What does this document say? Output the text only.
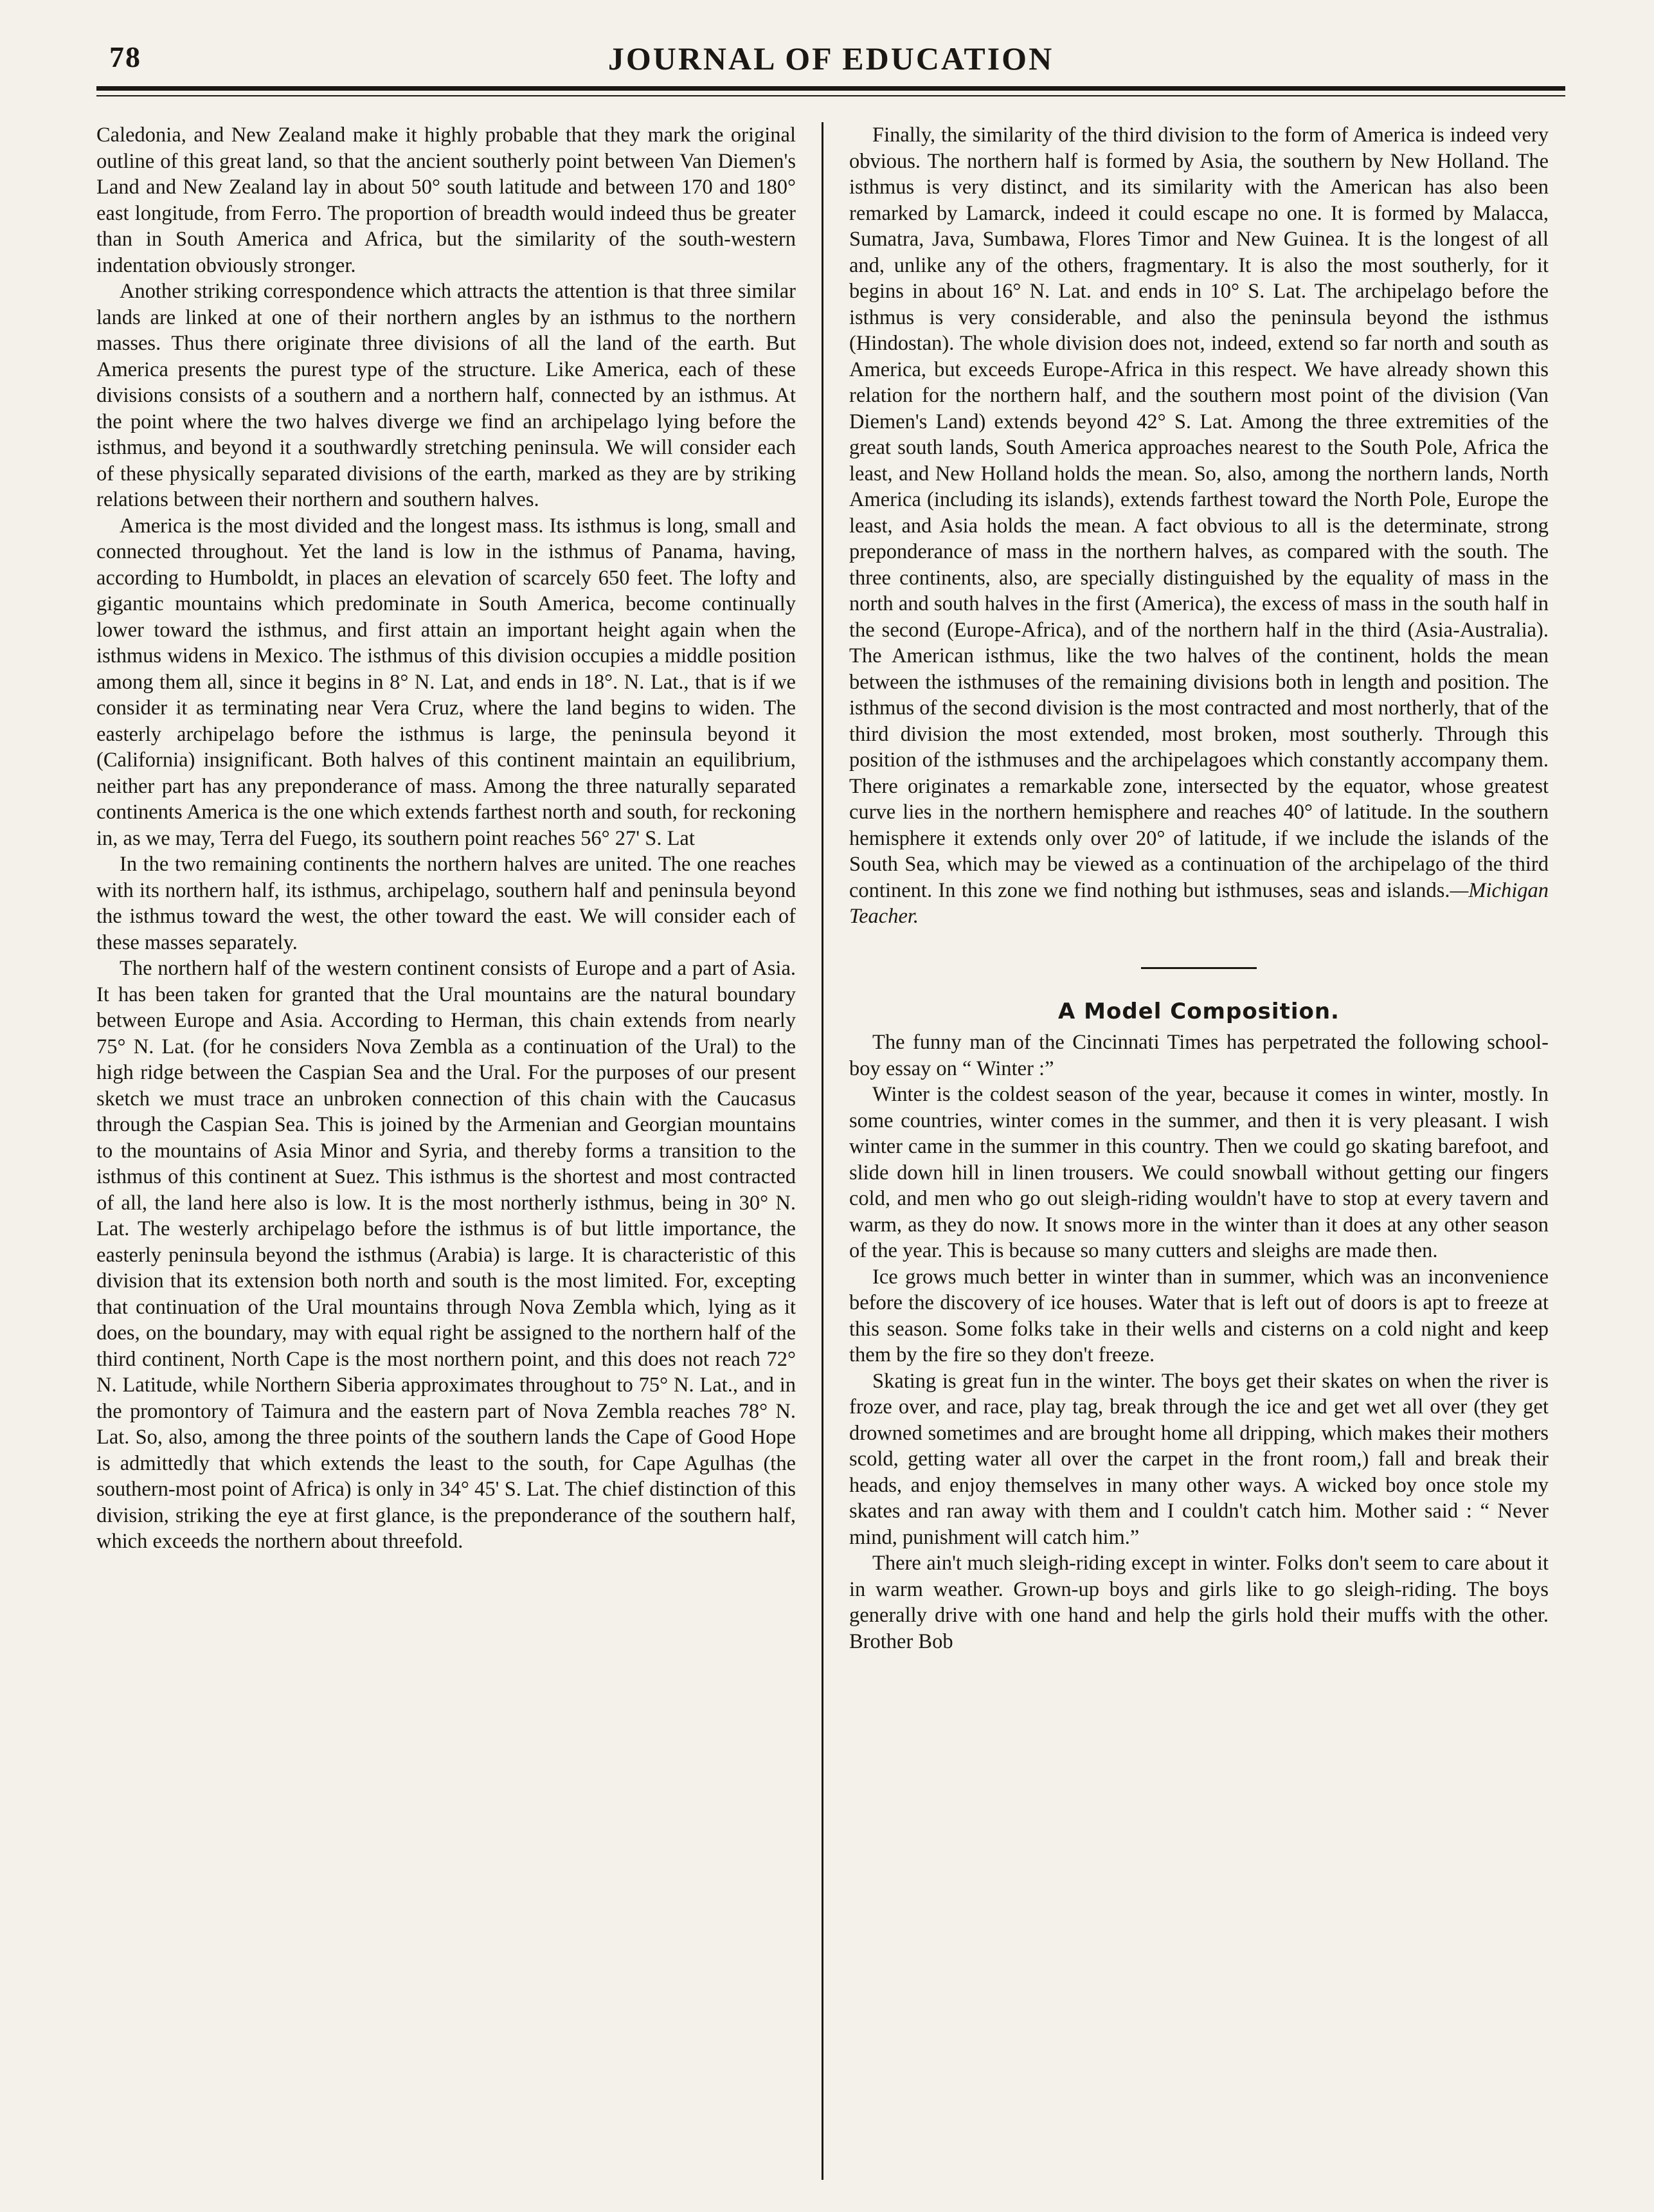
78	JOURNAL OF EDUCATION

Caledonia, and New Zealand make it highly probable that they mark the original outline of this great land, so that the ancient southerly point between Van Diemen's Land and New Zealand lay in about 50° south latitude and between 170 and 180° east longitude, from Ferro. The proportion of breadth would indeed thus be greater than in South America and Africa, but the similarity of the south-western indentation obviously stronger.

Another striking correspondence which attracts the attention is that three similar lands are linked at one of their northern angles by an isthmus to the northern masses. Thus there originate three divisions of all the land of the earth. But America presents the purest type of the structure. Like America, each of these divisions consists of a southern and a northern half, connected by an isthmus. At the point where the two halves diverge we find an archipelago lying before the isthmus, and beyond it a southwardly stretching peninsula. We will consider each of these physically separated divisions of the earth, marked as they are by striking relations between their northern and southern halves.

America is the most divided and the longest mass. Its isthmus is long, small and connected throughout. Yet the land is low in the isthmus of Panama, having, according to Humboldt, in places an elevation of scarcely 650 feet. The lofty and gigantic mountains which predominate in South America, become continually lower toward the isthmus, and first attain an important height again when the isthmus widens in Mexico. The isthmus of this division occupies a middle position among them all, since it begins in 8° N. Lat, and ends in 18°. N. Lat., that is if we consider it as terminating near Vera Cruz, where the land begins to widen. The easterly archipelago before the isthmus is large, the peninsula beyond it (California) insignificant. Both halves of this continent maintain an equilibrium, neither part has any preponderance of mass. Among the three naturally separated continents America is the one which extends farthest north and south, for reckoning in, as we may, Terra del Fuego, its southern point reaches 56° 27' S. Lat

In the two remaining continents the northern halves are united. The one reaches with its northern half, its isthmus, archipelago, southern half and peninsula beyond the isthmus toward the west, the other toward the east. We will consider each of these masses separately.

The northern half of the western continent consists of Europe and a part of Asia. It has been taken for granted that the Ural mountains are the natural boundary between Europe and Asia. According to Herman, this chain extends from nearly 75° N. Lat. (for he considers Nova Zembla as a continuation of the Ural) to the high ridge between the Caspian Sea and the Ural. For the purposes of our present sketch we must trace an unbroken connection of this chain with the Caucasus through the Caspian Sea. This is joined by the Armenian and Georgian mountains to the mountains of Asia Minor and Syria, and thereby forms a transition to the isthmus of this continent at Suez. This isthmus is the shortest and most contracted of all, the land here also is low. It is the most northerly isthmus, being in 30° N. Lat. The westerly archipelago before the isthmus is of but little importance, the easterly peninsula beyond the isthmus (Arabia) is large. It is characteristic of this division that its extension both north and south is the most limited. For, excepting that continuation of the Ural mountains through Nova Zembla which, lying as it does, on the boundary, may with equal right be assigned to the northern half of the third continent, North Cape is the most northern point, and this does not reach 72° N. Latitude, while Northern Siberia approximates throughout to 75° N. Lat., and in the promontory of Taimura and the eastern part of Nova Zembla reaches 78° N. Lat. So, also, among the three points of the southern lands the Cape of Good Hope is admittedly that which extends the least to the south, for Cape Agulhas (the southern-most point of Africa) is only in 34° 45' S. Lat. The chief distinction of this division, striking the eye at first glance, is the preponderance of the southern half, which exceeds the northern about threefold.

Finally, the similarity of the third division to the form of America is indeed very obvious. The northern half is formed by Asia, the southern by New Holland. The isthmus is very distinct, and its similarity with the American has also been remarked by Lamarck, indeed it could escape no one. It is formed by Malacca, Sumatra, Java, Sumbawa, Flores Timor and New Guinea. It is the longest of all and, unlike any of the others, fragmentary. It is also the most southerly, for it begins in about 16° N. Lat. and ends in 10° S. Lat. The archipelago before the isthmus is very considerable, and also the peninsula beyond the isthmus (Hindostan). The whole division does not, indeed, extend so far north and south as America, but exceeds Europe-Africa in this respect. We have already shown this relation for the northern half, and the southern most point of the division (Van Diemen's Land) extends beyond 42° S. Lat. Among the three extremities of the great south lands, South America approaches nearest to the South Pole, Africa the least, and New Holland holds the mean. So, also, among the northern lands, North America (including its islands), extends farthest toward the North Pole, Europe the least, and Asia holds the mean. A fact obvious to all is the determinate, strong preponderance of mass in the northern halves, as compared with the south. The three continents, also, are specially distinguished by the equality of mass in the north and south halves in the first (America), the excess of mass in the south half in the second (Europe-Africa), and of the northern half in the third (Asia-Australia). The American isthmus, like the two halves of the continent, holds the mean between the isthmuses of the remaining divisions both in length and position. The isthmus of the second division is the most contracted and most northerly, that of the third division the most extended, most broken, most southerly. Through this position of the isthmuses and the archipelagoes which constantly accompany them. There originates a remarkable zone, intersected by the equator, whose greatest curve lies in the northern hemisphere and reaches 40° of latitude. In the southern hemisphere it extends only over 20° of latitude, if we include the islands of the South Sea, which may be viewed as a continuation of the archipelago of the third continent. In this zone we find nothing but isthmuses, seas and islands.—Michigan Teacher.

A Model Composition.

The funny man of the Cincinnati Times has perpetrated the following school-boy essay on “ Winter :”

Winter is the coldest season of the year, because it comes in winter, mostly. In some countries, winter comes in the summer, and then it is very pleasant. I wish winter came in the summer in this country. Then we could go skating barefoot, and slide down hill in linen trousers. We could snowball without getting our fingers cold, and men who go out sleigh-riding wouldn't have to stop at every tavern and warm, as they do now. It snows more in the winter than it does at any other season of the year. This is because so many cutters and sleighs are made then.

Ice grows much better in winter than in summer, which was an inconvenience before the discovery of ice houses. Water that is left out of doors is apt to freeze at this season. Some folks take in their wells and cisterns on a cold night and keep them by the fire so they don't freeze.

Skating is great fun in the winter. The boys get their skates on when the river is froze over, and race, play tag, break through the ice and get wet all over (they get drowned sometimes and are brought home all dripping, which makes their mothers scold, getting water all over the carpet in the front room,) fall and break their heads, and enjoy themselves in many other ways. A wicked boy once stole my skates and ran away with them and I couldn't catch him. Mother said : “ Never mind, punishment will catch him.”

There ain't much sleigh-riding except in winter. Folks don't seem to care about it in warm weather. Grown-up boys and girls like to go sleigh-riding. The boys generally drive with one hand and help the girls hold their muffs with the other. Brother Bob
